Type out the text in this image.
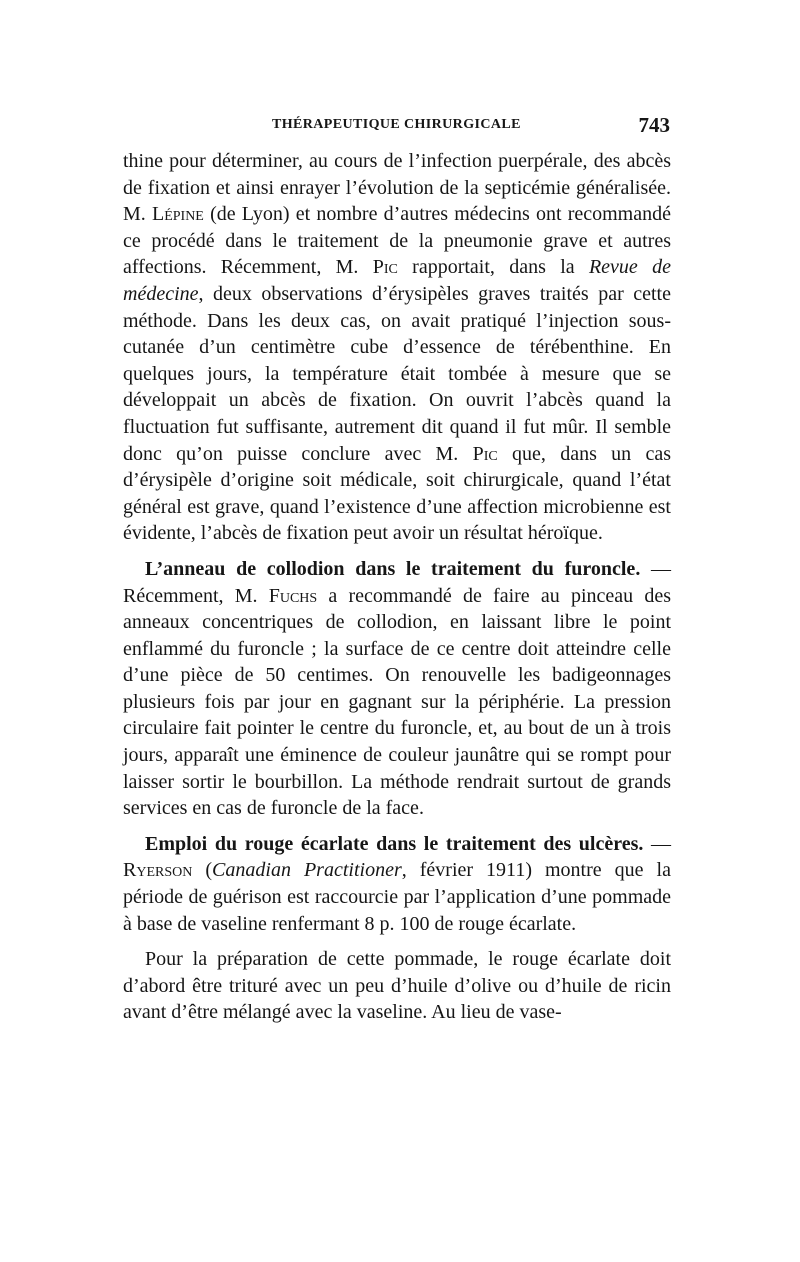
THÉRAPEUTIQUE CHIRURGICALE	743

thine pour déterminer, au cours de l’infection puerpérale, des abcès de fixation et ainsi enrayer l’évolution de la septicémie généralisée. M. Lépine (de Lyon) et nombre d’autres médecins ont recommandé ce procédé dans le traitement de la pneumonie grave et autres affections. Récemment, M. Pic rapportait, dans la Revue de médecine, deux observations d’érysipèles graves traités par cette méthode. Dans les deux cas, on avait pratiqué l’injection sous-cutanée d’un centimètre cube d’essence de térébenthine. En quelques jours, la température était tombée à mesure que se développait un abcès de fixation. On ouvrit l’abcès quand la fluctuation fut suffisante, autrement dit quand il fut mûr. Il semble donc qu’on puisse conclure avec M. Pic que, dans un cas d’érysipèle d’origine soit médicale, soit chirurgicale, quand l’état général est grave, quand l’existence d’une affection microbienne est évidente, l’abcès de fixation peut avoir un résultat héroïque.

L’anneau de collodion dans le traitement du furoncle. — Récemment, M. Fuchs a recommandé de faire au pinceau des anneaux concentriques de collodion, en laissant libre le point enflammé du furoncle ; la surface de ce centre doit atteindre celle d’une pièce de 50 centimes. On renouvelle les badigeonnages plusieurs fois par jour en gagnant sur la périphérie. La pression circulaire fait pointer le centre du furoncle, et, au bout de un à trois jours, apparaît une éminence de couleur jaunâtre qui se rompt pour laisser sortir le bourbillon. La méthode rendrait surtout de grands services en cas de furoncle de la face.

Emploi du rouge écarlate dans le traitement des ulcères. — Ryerson (Canadian Practitioner, février 1911) montre que la période de guérison est raccourcie par l’application d’une pommade à base de vaseline renfermant 8 p. 100 de rouge écarlate.

Pour la préparation de cette pommade, le rouge écarlate doit d’abord être trituré avec un peu d’huile d’olive ou d’huile de ricin avant d’être mélangé avec la vaseline. Au lieu de vase-
